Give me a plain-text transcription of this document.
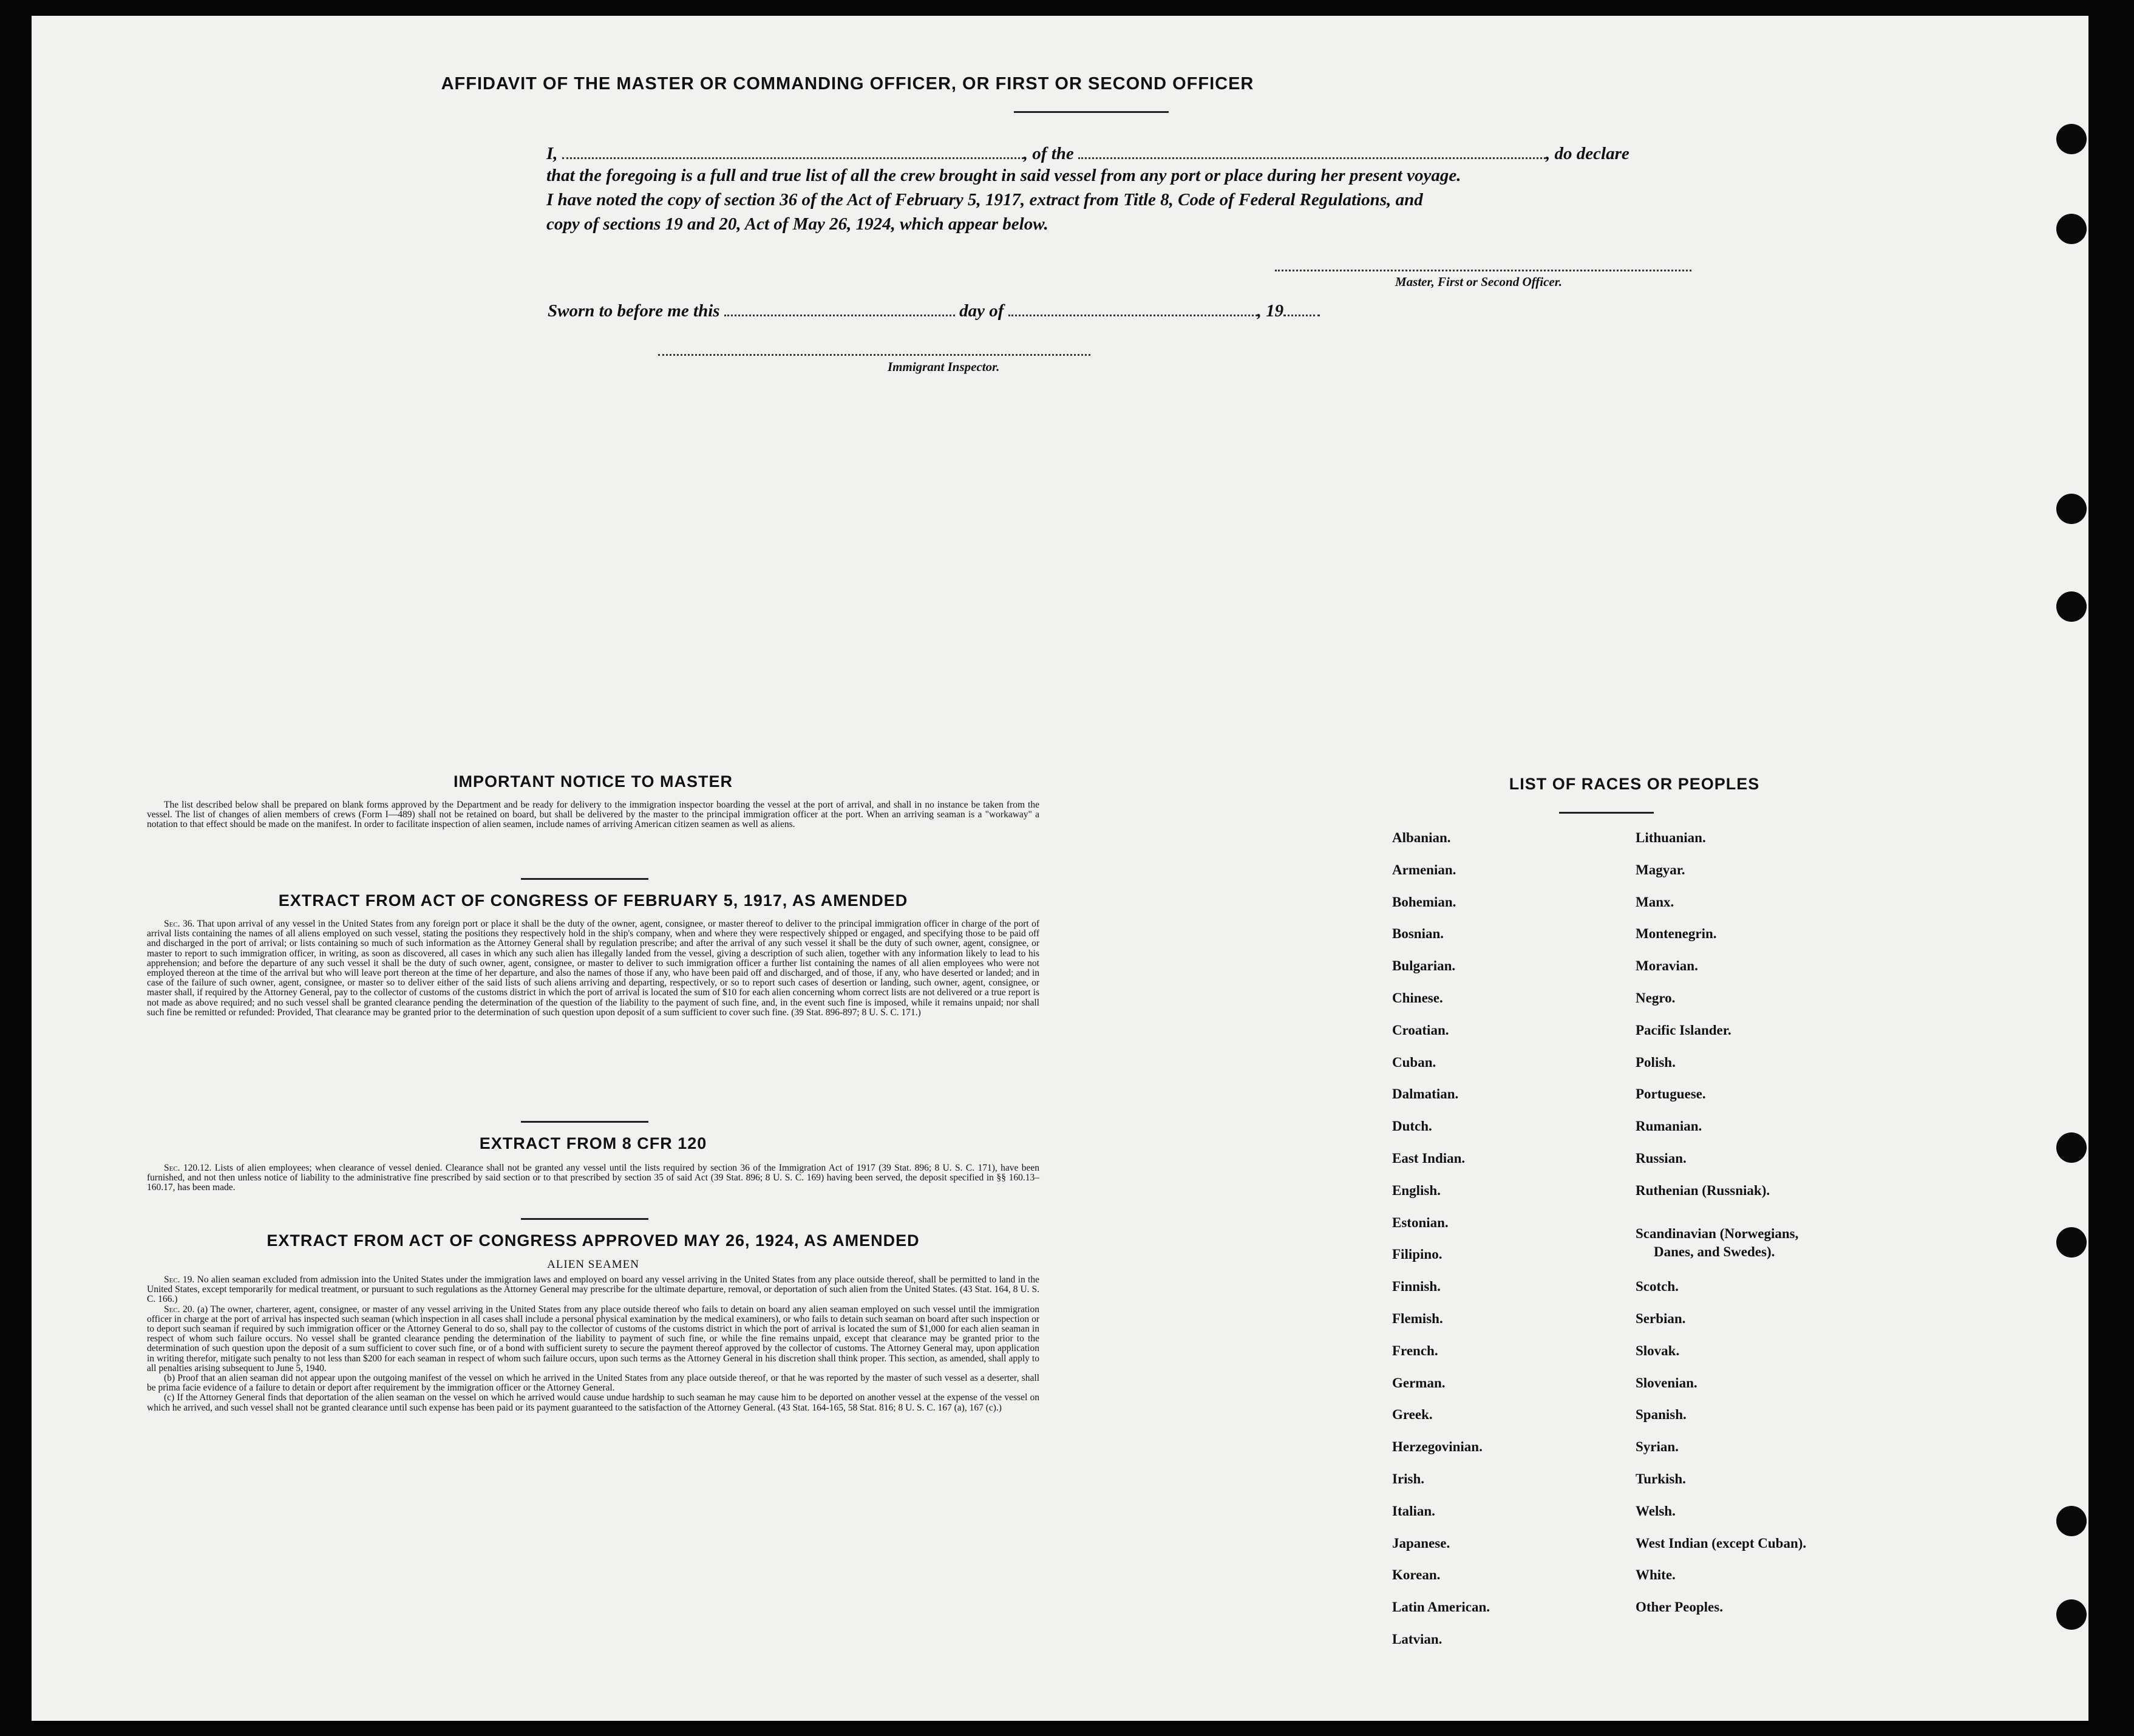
AFFIDAVIT OF THE MASTER OR COMMANDING OFFICER, OR FIRST OR SECOND OFFICER
I,	, of the	, do declare
that the foregoing is a full and true list of all the crew brought in said vessel from any port or place during her present voyage.
I have noted the copy of section 36 of the Act of February 5, 1917, extract from Title 8, Code of Federal Regulations, and
copy of sections 19 and 20, Act of May 26, 1924, which appear below.
Master, First or Second Officer.
Sworn to before me this	day of	, 19
Immigrant Inspector.
IMPORTANT NOTICE TO MASTER

The list described below shall be prepared on blank forms approved by the Department and be ready for delivery to the immigration inspector boarding the vessel at the port of arrival, and shall in no instance be taken from the vessel. The list of changes of alien members of crews (Form I—489) shall not be retained on board, but shall be delivered by the master to the principal immigration officer at the port. When an arriving seaman is a "workaway" a notation to that effect should be made on the manifest. In order to facilitate inspection of alien seamen, include names of arriving American citizen seamen as well as aliens.

EXTRACT FROM ACT OF CONGRESS OF FEBRUARY 5, 1917, AS AMENDED

Sec. 36. That upon arrival of any vessel in the United States from any foreign port or place it shall be the duty of the owner, agent, consignee, or master thereof to deliver to the principal immigration officer in charge of the port of arrival lists containing the names of all aliens employed on such vessel, stating the positions they respectively hold in the ship's company, when and where they were respectively shipped or engaged, and specifying those to be paid off and discharged in the port of arrival; or lists containing so much of such information as the Attorney General shall by regulation prescribe; and after the arrival of any such vessel it shall be the duty of such owner, agent, consignee, or master to report to such immigration officer, in writing, as soon as discovered, all cases in which any such alien has illegally landed from the vessel, giving a description of such alien, together with any information likely to lead to his apprehension; and before the departure of any such vessel it shall be the duty of such owner, agent, consignee, or master to deliver to such immigration officer a further list containing the names of all alien employees who were not employed thereon at the time of the arrival but who will leave port thereon at the time of her departure, and also the names of those if any, who have been paid off and discharged, and of those, if any, who have deserted or landed; and in case of the failure of such owner, agent, consignee, or master so to deliver either of the said lists of such aliens arriving and departing, respectively, or so to report such cases of desertion or landing, such owner, agent, consignee, or master shall, if required by the Attorney General, pay to the collector of customs of the customs district in which the port of arrival is located the sum of $10 for each alien concerning whom correct lists are not delivered or a true report is not made as above required; and no such vessel shall be granted clearance pending the determination of the question of the liability to the payment of such fine, and, in the event such fine is imposed, while it remains unpaid; nor shall such fine be remitted or refunded: Provided, That clearance may be granted prior to the determination of such question upon deposit of a sum sufficient to cover such fine. (39 Stat. 896-897; 8 U. S. C. 171.)

EXTRACT FROM 8 CFR 120

Sec. 120.12. Lists of alien employees; when clearance of vessel denied. Clearance shall not be granted any vessel until the lists required by section 36 of the Immigration Act of 1917 (39 Stat. 896; 8 U. S. C. 171), have been furnished, and not then unless notice of liability to the administrative fine prescribed by said section or to that prescribed by section 35 of said Act (39 Stat. 896; 8 U. S. C. 169) having been served, the deposit specified in §§ 160.13–160.17, has been made.

EXTRACT FROM ACT OF CONGRESS APPROVED MAY 26, 1924, AS AMENDED
ALIEN SEAMEN

Sec. 19. No alien seaman excluded from admission into the United States under the immigration laws and employed on board any vessel arriving in the United States from any place outside thereof, shall be permitted to land in the United States, except temporarily for medical treatment, or pursuant to such regulations as the Attorney General may prescribe for the ultimate departure, removal, or deportation of such alien from the United States. (43 Stat. 164, 8 U. S. C. 166.)

Sec. 20. (a) The owner, charterer, agent, consignee, or master of any vessel arriving in the United States from any place outside thereof who fails to detain on board any alien seaman employed on such vessel until the immigration officer in charge at the port of arrival has inspected such seaman (which inspection in all cases shall include a personal physical examination by the medical examiners), or who fails to detain such seaman on board after such inspection or to deport such seaman if required by such immigration officer or the Attorney General to do so, shall pay to the collector of customs of the customs district in which the port of arrival is located the sum of $1,000 for each alien seaman in respect of whom such failure occurs. No vessel shall be granted clearance pending the determination of the liability to payment of such fine, or while the fine remains unpaid, except that clearance may be granted prior to the determination of such question upon the deposit of a sum sufficient to cover such fine, or of a bond with sufficient surety to secure the payment thereof approved by the collector of customs. The Attorney General may, upon application in writing therefor, mitigate such penalty to not less than $200 for each seaman in respect of whom such failure occurs, upon such terms as the Attorney General in his discretion shall think proper. This section, as amended, shall apply to all penalties arising subsequent to June 5, 1940.

(b) Proof that an alien seaman did not appear upon the outgoing manifest of the vessel on which he arrived in the United States from any place outside thereof, or that he was reported by the master of such vessel as a deserter, shall be prima facie evidence of a failure to detain or deport after requirement by the immigration officer or the Attorney General.

(c) If the Attorney General finds that deportation of the alien seaman on the vessel on which he arrived would cause undue hardship to such seaman he may cause him to be deported on another vessel at the expense of the vessel on which he arrived, and such vessel shall not be granted clearance until such expense has been paid or its payment guaranteed to the satisfaction of the Attorney General. (43 Stat. 164-165, 58 Stat. 816; 8 U. S. C. 167 (a), 167 (c).)

LIST OF RACES OR PEOPLES
Albanian.
Armenian.
Bohemian.
Bosnian.
Bulgarian.
Chinese.
Croatian.
Cuban.
Dalmatian.
Dutch.
East Indian.
English.
Estonian.
Filipino.
Finnish.
Flemish.
French.
German.
Greek.
Herzegovinian.
Irish.
Italian.
Japanese.
Korean.
Latin American.
Latvian.
Lithuanian.
Magyar.
Manx.
Montenegrin.
Moravian.
Negro.
Pacific Islander.
Polish.
Portuguese.
Rumanian.
Russian.
Ruthenian (Russniak).
Scandinavian (Norwegians,
Danes, and Swedes).
Scotch.
Serbian.
Slovak.
Slovenian.
Spanish.
Syrian.
Turkish.
Welsh.
West Indian (except Cuban).
White.
Other Peoples.
